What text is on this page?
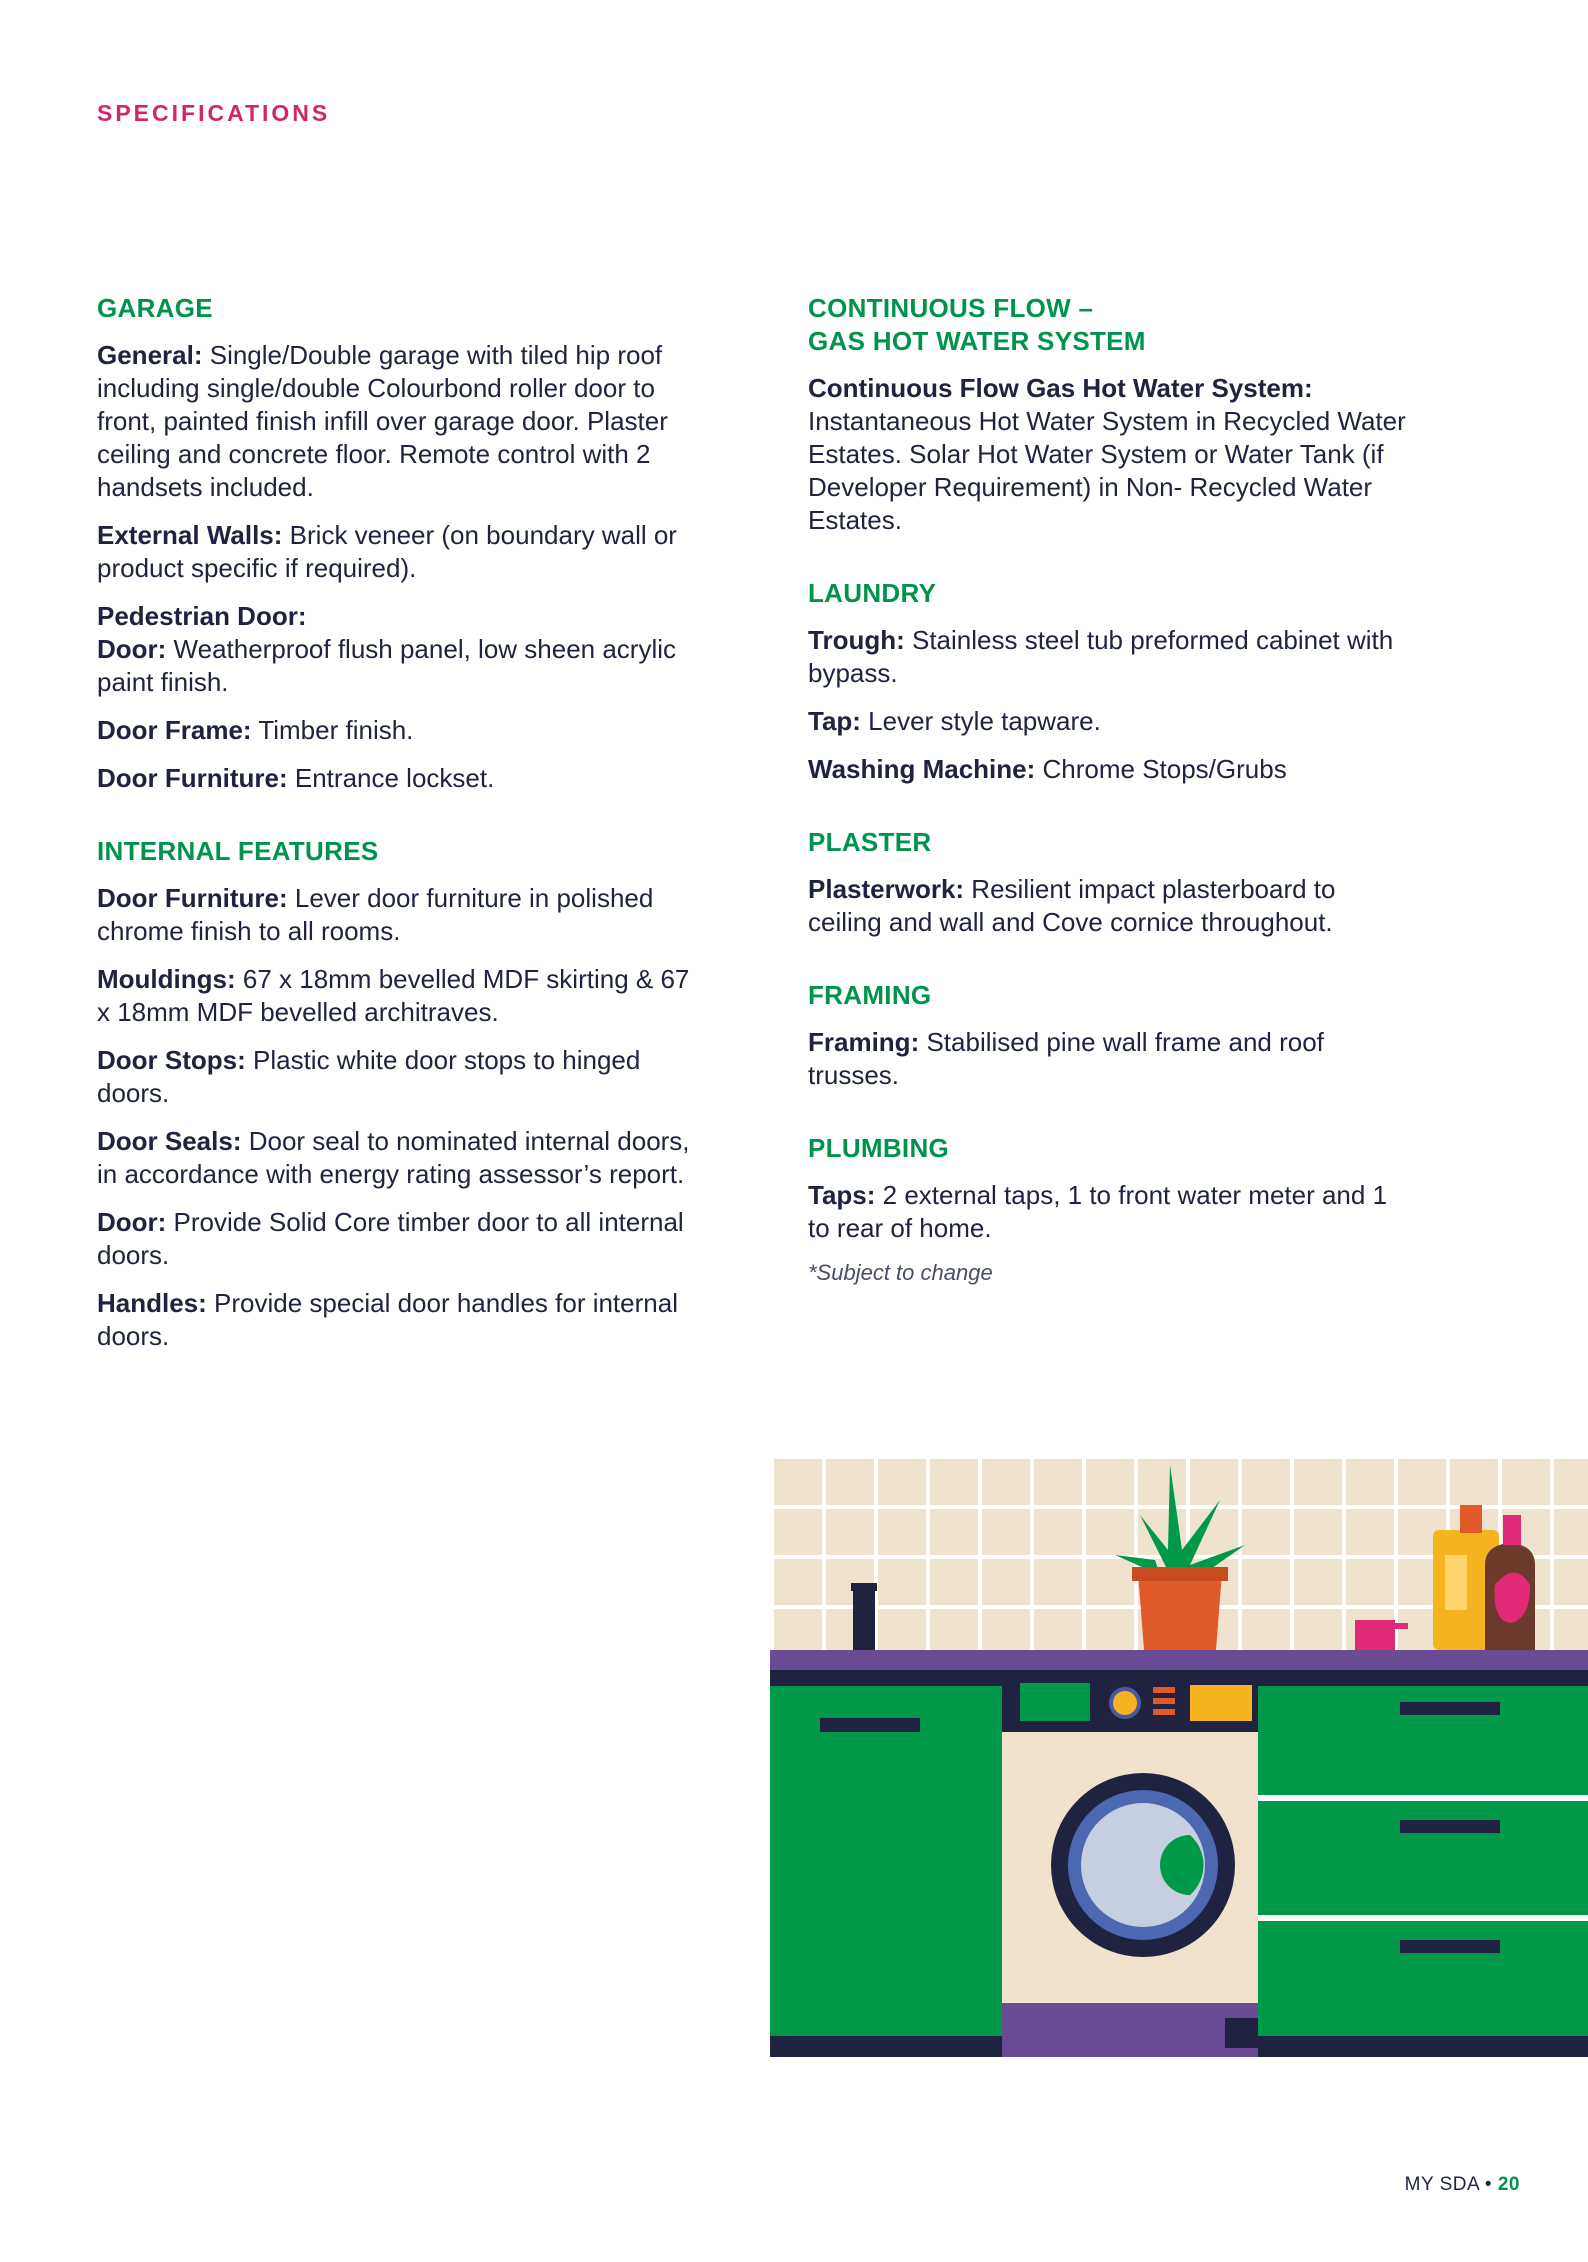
SPECIFICATIONS
GARAGE
General: Single/Double garage with tiled hip roof including single/double Colourbond roller door to front, painted finish infill over garage door. Plaster ceiling and concrete floor. Remote control with 2 handsets included.
External Walls: Brick veneer (on boundary wall or product specific if required).
Pedestrian Door:
Door: Weatherproof flush panel, low sheen acrylic paint finish.
Door Frame: Timber finish.
Door Furniture: Entrance lockset.
INTERNAL FEATURES
Door Furniture: Lever door furniture in polished chrome finish to all rooms.
Mouldings: 67 x 18mm bevelled MDF skirting & 67 x 18mm MDF bevelled architraves.
Door Stops: Plastic white door stops to hinged doors.
Door Seals: Door seal to nominated internal doors, in accordance with energy rating assessor’s report.
Door: Provide Solid Core timber door to all internal doors.
Handles: Provide special door handles for internal doors.
CONTINUOUS FLOW –
GAS HOT WATER SYSTEM
Continuous Flow Gas Hot Water System:
Instantaneous Hot Water System in Recycled Water Estates. Solar Hot Water System or Water Tank (if Developer Requirement) in Non- Recycled Water Estates.
LAUNDRY
Trough: Stainless steel tub preformed cabinet with bypass.
Tap: Lever style tapware.
Washing Machine: Chrome Stops/Grubs
PLASTER
Plasterwork: Resilient impact plasterboard to ceiling and wall and Cove cornice throughout.
FRAMING
Framing: Stabilised pine wall frame and roof trusses.
PLUMBING
Taps: 2 external taps, 1 to front water meter and 1 to rear of home.
*Subject to change
MY SDA • 20
